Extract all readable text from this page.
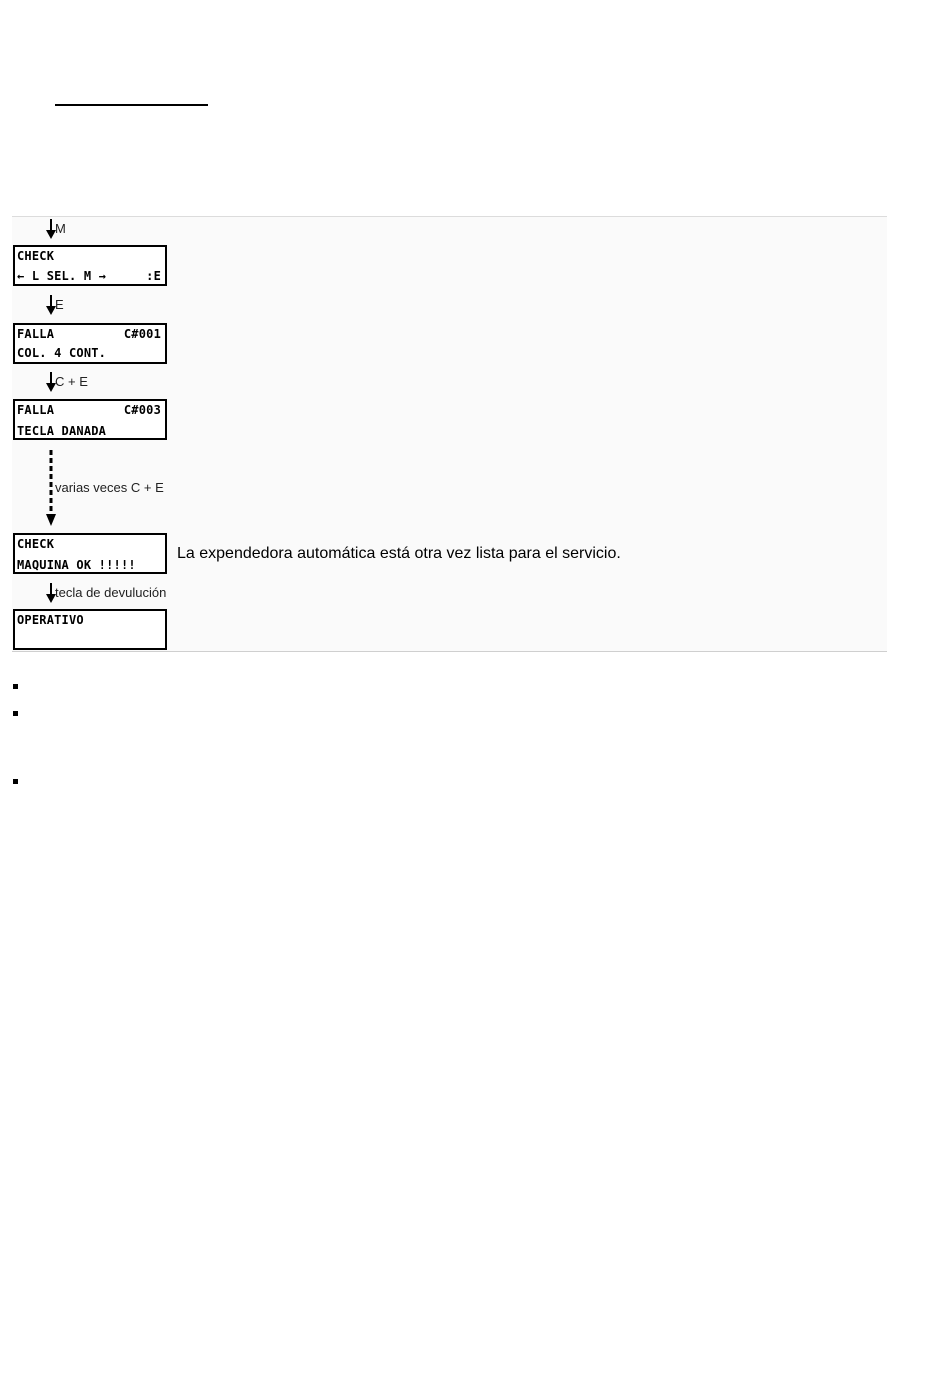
M
CHECK
← L SEL. M →	:E
E
FALLA	C#001
COL. 4 CONT.
C + E
FALLA	C#003
TECLA DANADA
varias veces C + E
CHECK
MAQUINA OK !!!!!
La expendedora automática está otra vez lista para el servicio.
tecla de devulución
OPERATIVO
